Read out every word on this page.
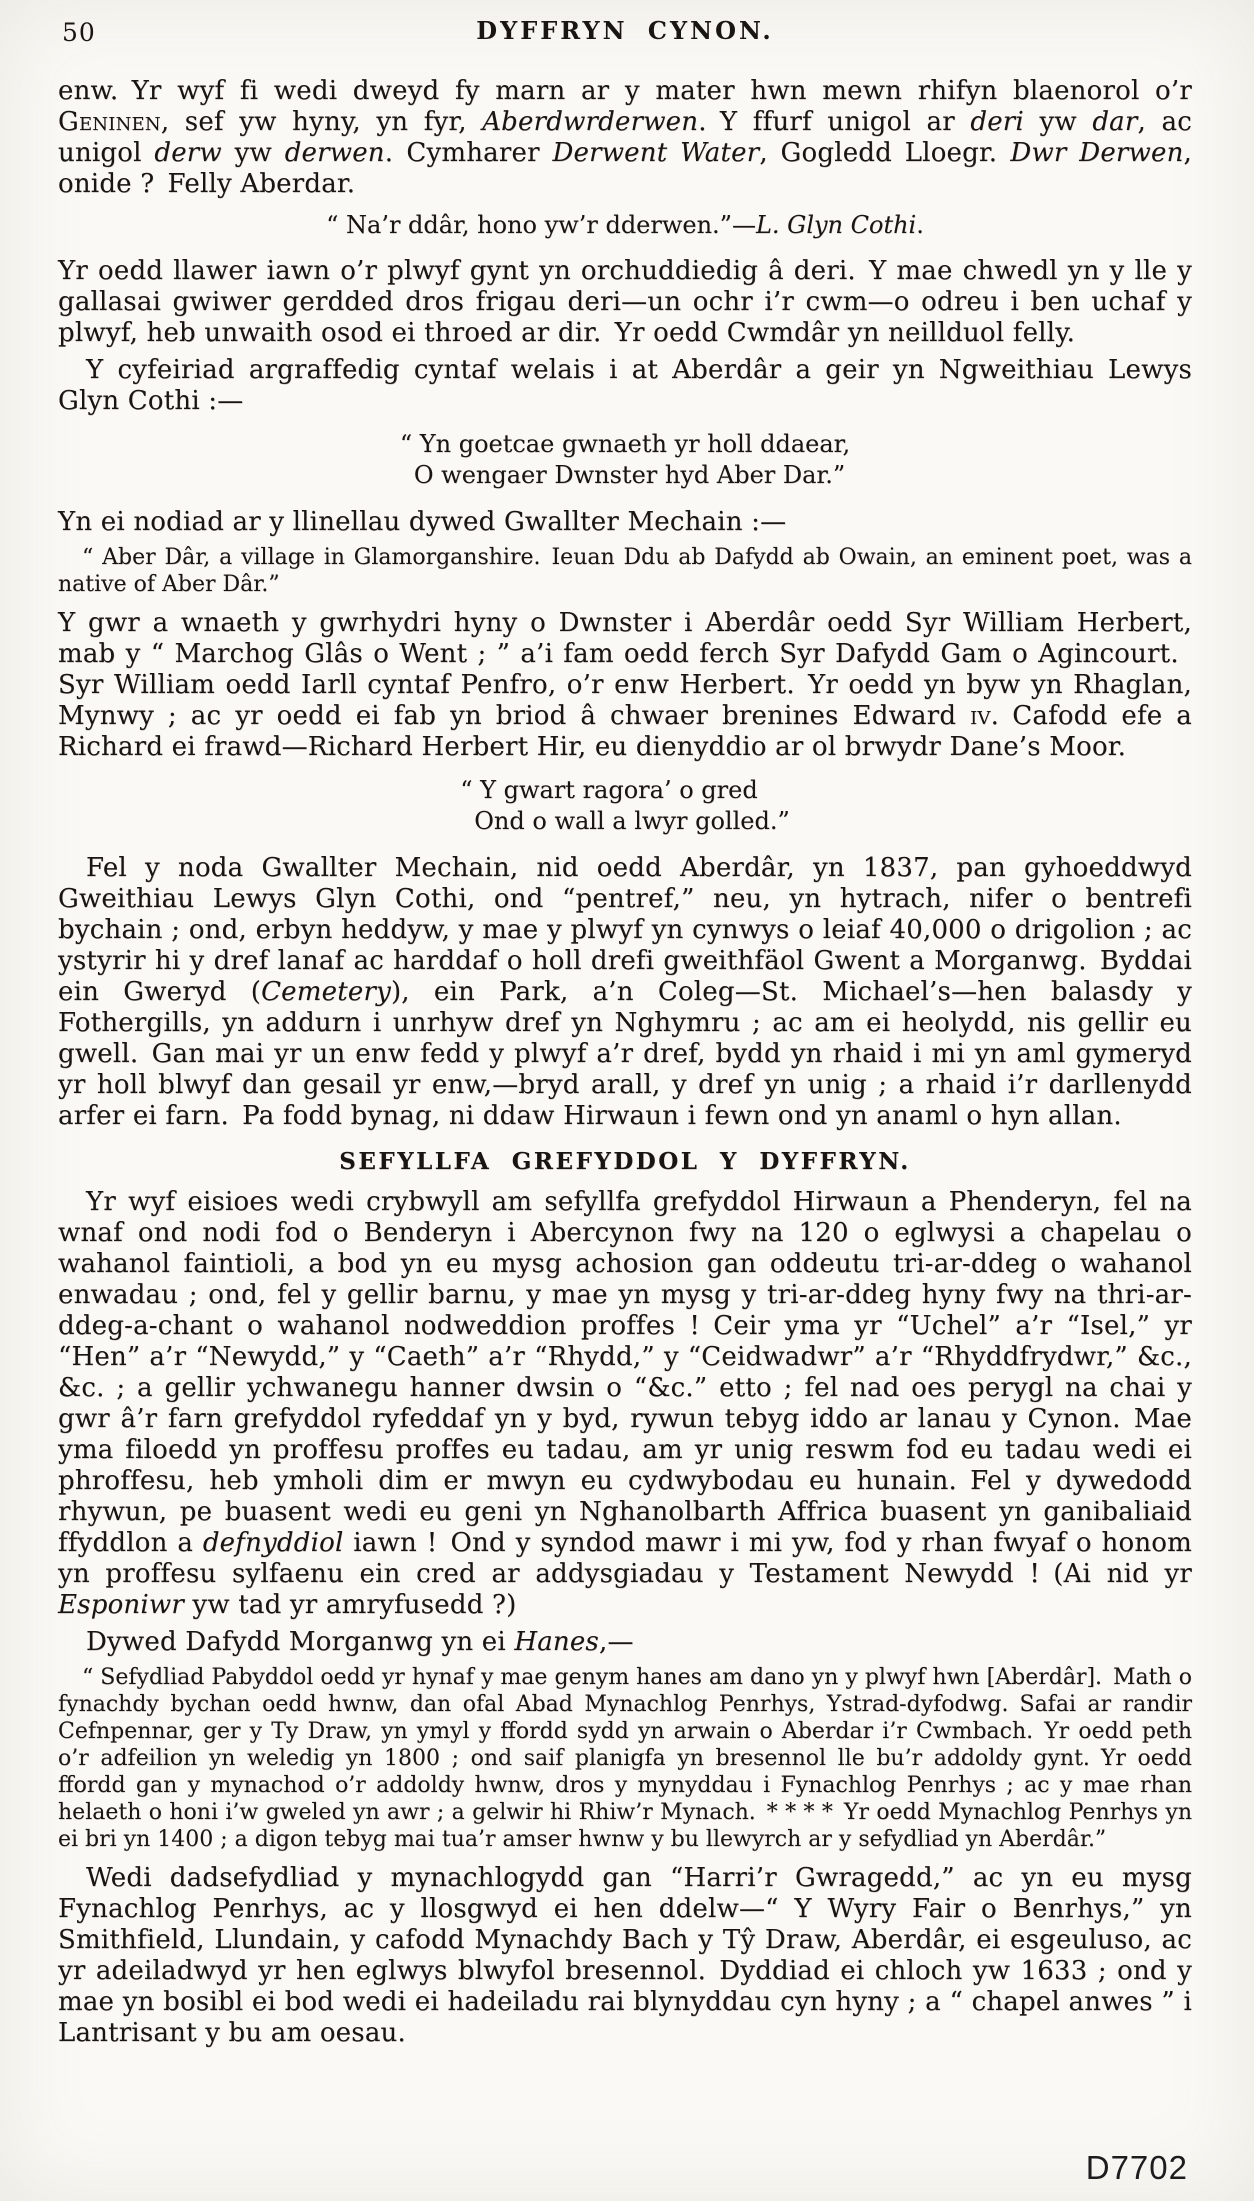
50	DYFFRYN CYNON.

enw. Yr wyf fi wedi dweyd fy marn ar y mater hwn mewn rhifyn blaenorol o’r Geninen, sef yw hyny, yn fyr, Aberdwrderwen. Y ffurf unigol ar deri yw dar, ac unigol derw yw derwen. Cymharer Derwent Water, Gogledd Lloegr. Dwr Derwen, onide ? Felly Aberdar.

“ Na’r ddâr, hono yw’r dderwen.”—L. Glyn Cothi.

Yr oedd llawer iawn o’r plwyf gynt yn orchuddiedig â deri. Y mae chwedl yn y lle y gallasai gwiwer gerdded dros frigau deri—un ochr i’r cwm—o odreu i ben uchaf y plwyf, heb unwaith osod ei throed ar dir. Yr oedd Cwmdâr yn neillduol felly.

Y cyfeiriad argraffedig cyntaf welais i at Aberdâr a geir yn Ngweithiau Lewys Glyn Cothi :—

“ Yn goetcae gwnaeth yr holl ddaear,
O wengaer Dwnster hyd Aber Dar.”

Yn ei nodiad ar y llinellau dywed Gwallter Mechain :—

“ Aber Dâr, a village in Glamorganshire. Ieuan Ddu ab Dafydd ab Owain, an eminent poet, was a native of Aber Dâr.”

Y gwr a wnaeth y gwrhydri hyny o Dwnster i Aberdâr oedd Syr William Herbert, mab y “ Marchog Glâs o Went ; ” a’i fam oedd ferch Syr Dafydd Gam o Agincourt. Syr William oedd Iarll cyntaf Penfro, o’r enw Herbert. Yr oedd yn byw yn Rhaglan, Mynwy ; ac yr oedd ei fab yn briod â chwaer brenines Edward iv. Cafodd efe a Richard ei frawd—Richard Herbert Hir, eu dienyddio ar ol brwydr Dane’s Moor.

“ Y gwart ragora’ o gred
Ond o wall a lwyr golled.”

Fel y noda Gwallter Mechain, nid oedd Aberdâr, yn 1837, pan gyhoeddwyd Gweithiau Lewys Glyn Cothi, ond “pentref,” neu, yn hytrach, nifer o bentrefi bychain ; ond, erbyn heddyw, y mae y plwyf yn cynwys o leiaf 40,000 o drigolion ; ac ystyrir hi y dref lanaf ac harddaf o holl drefi gweithfäol Gwent a Morganwg. Byddai ein Gweryd (Cemetery), ein Park, a’n Coleg—St. Michael’s—hen balasdy y Fothergills, yn addurn i unrhyw dref yn Nghymru ; ac am ei heolydd, nis gellir eu gwell. Gan mai yr un enw fedd y plwyf a’r dref, bydd yn rhaid i mi yn aml gymeryd yr holl blwyf dan gesail yr enw,—bryd arall, y dref yn unig ; a rhaid i’r darllenydd arfer ei farn. Pa fodd bynag, ni ddaw Hirwaun i fewn ond yn anaml o hyn allan.

SEFYLLFA GREFYDDOL Y DYFFRYN.

Yr wyf eisioes wedi crybwyll am sefyllfa grefyddol Hirwaun a Phenderyn, fel na wnaf ond nodi fod o Benderyn i Abercynon fwy na 120 o eglwysi a chapelau o wahanol faintioli, a bod yn eu mysg achosion gan oddeutu tri-ar-ddeg o wahanol enwadau ; ond, fel y gellir barnu, y mae yn mysg y tri-ar-ddeg hyny fwy na thri-ar-ddeg-a-chant o wahanol nodweddion proffes ! Ceir yma yr “Uchel” a’r “Isel,” yr “Hen” a’r “Newydd,” y “Caeth” a’r “Rhydd,” y “Ceidwadwr” a’r “Rhyddfrydwr,” &c., &c. ; a gellir ychwanegu hanner dwsin o “&c.” etto ; fel nad oes perygl na chai y gwr â’r farn grefyddol ryfeddaf yn y byd, rywun tebyg iddo ar lanau y Cynon. Mae yma filoedd yn proffesu proffes eu tadau, am yr unig reswm fod eu tadau wedi ei phroffesu, heb ymholi dim er mwyn eu cydwybodau eu hunain. Fel y dywedodd rhywun, pe buasent wedi eu geni yn Nghanolbarth Affrica buasent yn ganibaliaid ffyddlon a defnyddiol iawn ! Ond y syndod mawr i mi yw, fod y rhan fwyaf o honom yn proffesu sylfaenu ein cred ar addysgiadau y Testament Newydd ! (Ai nid yr Esponiwr yw tad yr amryfusedd ?)

Dywed Dafydd Morganwg yn ei Hanes,—

“ Sefydliad Pabyddol oedd yr hynaf y mae genym hanes am dano yn y plwyf hwn [Aberdâr]. Math o fynachdy bychan oedd hwnw, dan ofal Abad Mynachlog Penrhys, Ystrad-dyfodwg. Safai ar randir Cefnpennar, ger y Ty Draw, yn ymyl y ffordd sydd yn arwain o Aberdar i’r Cwmbach. Yr oedd peth o’r adfeilion yn weledig yn 1800 ; ond saif planigfa yn bresennol lle bu’r addoldy gynt. Yr oedd ffordd gan y mynachod o’r addoldy hwnw, dros y mynyddau i Fynachlog Penrhys ; ac y mae rhan helaeth o honi i’w gweled yn awr ; a gelwir hi Rhiw’r Mynach. * * * * Yr oedd Mynachlog Penrhys yn ei bri yn 1400 ; a digon tebyg mai tua’r amser hwnw y bu llewyrch ar y sefydliad yn Aberdâr.”

Wedi dadsefydliad y mynachlogydd gan “Harri’r Gwragedd,” ac yn eu mysg Fynachlog Penrhys, ac y llosgwyd ei hen ddelw—“ Y Wyry Fair o Benrhys,” yn Smithfield, Llundain, y cafodd Mynachdy Bach y Tŷ Draw, Aberdâr, ei esgeuluso, ac yr adeiladwyd yr hen eglwys blwyfol bresennol. Dyddiad ei chloch yw 1633 ; ond y mae yn bosibl ei bod wedi ei hadeiladu rai blynyddau cyn hyny ; a “ chapel anwes ” i Lantrisant y bu am oesau.

D7702
